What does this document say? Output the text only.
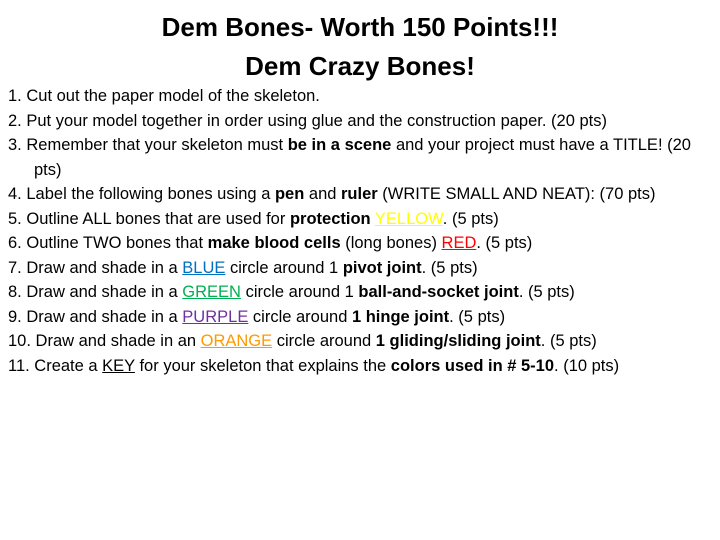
Dem Bones- Worth 150 Points!!!
Dem Crazy Bones!
1. Cut out the paper model of the skeleton.
2. Put your model together in order using glue and the construction paper. (20 pts)
3. Remember that your skeleton must be in a scene and your project must have a TITLE! (20 pts)
4. Label the following bones using a pen and ruler (WRITE SMALL AND NEAT): (70 pts)
5. Outline ALL bones that are used for protection YELLOW. (5 pts)
6. Outline TWO bones that make blood cells (long bones) RED. (5 pts)
7. Draw and shade in a BLUE circle around 1 pivot joint. (5 pts)
8. Draw and shade in a GREEN circle around 1 ball-and-socket joint. (5 pts)
9. Draw and shade in a PURPLE circle around 1 hinge joint. (5 pts)
10. Draw and shade in an ORANGE circle around 1 gliding/sliding joint. (5 pts)
11. Create a KEY for your skeleton that explains the colors used in # 5-10. (10 pts)
